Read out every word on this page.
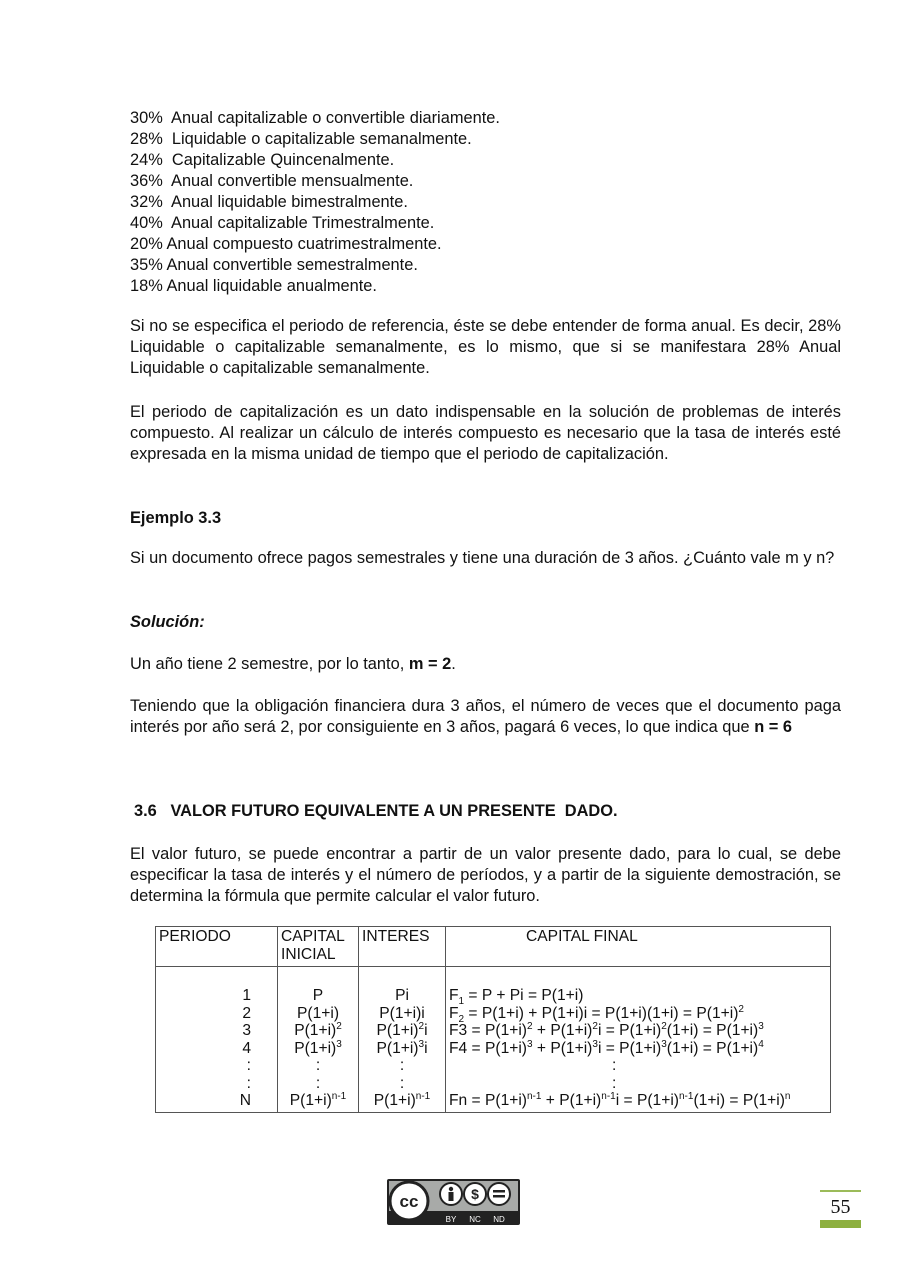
30%  Anual capitalizable o convertible diariamente.
28%  Liquidable o capitalizable semanalmente.
24%  Capitalizable Quincenalmente.
36%  Anual convertible mensualmente.
32%  Anual liquidable bimestralmente.
40%  Anual capitalizable Trimestralmente.
20% Anual compuesto cuatrimestralmente.
35% Anual convertible semestralmente.
18% Anual liquidable anualmente.

Si no se especifica el periodo de referencia, éste se debe entender de forma anual. Es decir, 28% Liquidable o capitalizable semanalmente, es lo mismo, que si se manifestara 28% Anual Liquidable o capitalizable semanalmente.

El periodo de capitalización es un dato indispensable en la solución de problemas de interés compuesto. Al realizar un cálculo de interés compuesto es necesario que la tasa de interés esté expresada en la misma unidad de tiempo que el periodo de capitalización.

Ejemplo 3.3

Si un documento ofrece pagos semestrales y tiene una duración de 3 años. ¿Cuánto vale m y n?

Solución:
Un año tiene 2 semestre, por lo tanto, m = 2.

Teniendo que la obligación financiera dura 3 años, el número de veces que el documento paga interés por año será 2, por consiguiente en 3 años, pagará 6 veces, lo que indica que n = 6

3.6   VALOR FUTURO EQUIVALENTE A UN PRESENTE  DADO.

El valor futuro, se puede encontrar a partir de un valor presente dado, para lo cual, se debe especificar la tasa de interés y el número de períodos, y a partir de la siguiente demostración, se determina la fórmula que permite calcular el valor futuro.

PERIODO	CAPITAL INICIAL	INTERES	CAPITAL FINAL

1	P	Pi	$F_1 = P + Pi = P(1+i)$
2	P(1+i)	P(1+i)i	$F_2 = P(1+i) + P(1+i)i = P(1+i)(1+i) = P(1+i)^2$
3	$P(1+i)^2$	$P(1+i)^2i$	$F3 = P(1+i)^2 + P(1+i)^2i = P(1+i)^2(1+i) = P(1+i)^3$
4	$P(1+i)^3$	$P(1+i)^3i$	$F4 = P(1+i)^3 + P(1+i)^3i = P(1+i)^3(1+i) = P(1+i)^4$
:	:	:	:
:	:	:	:
N	$P(1+i)^{n-1}$	$P(1+i)^{n-1}$	$Fn = P(1+i)^{n-1} + P(1+i)^{n-1}i = P(1+i)^{n-1}(1+i) = P(1+i)^n$
cc	$
BY NC ND
55
